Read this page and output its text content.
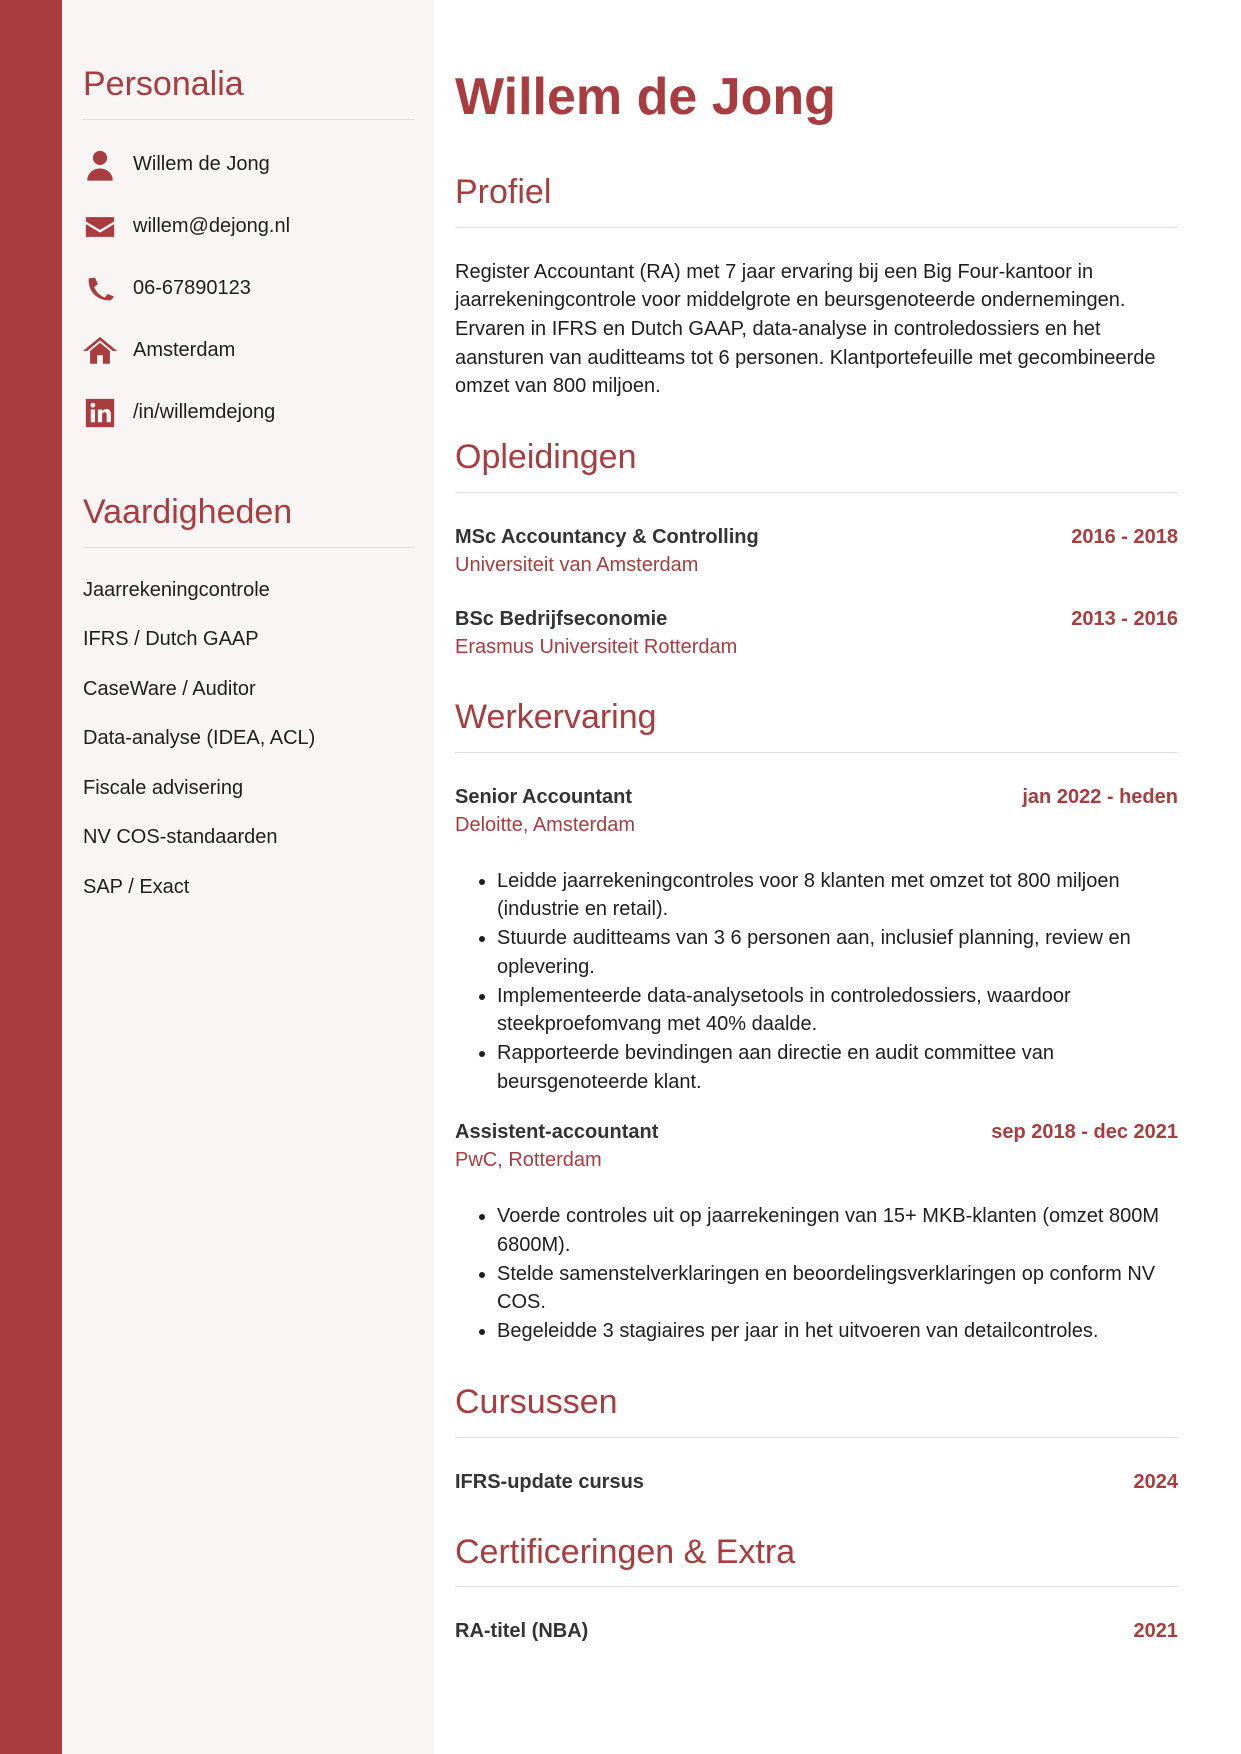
Personalia
Willem de Jong
willem@dejong.nl
06-67890123
Amsterdam
/in/willemdejong
Vaardigheden
Jaarrekeningcontrole
IFRS / Dutch GAAP
CaseWare / Auditor
Data-analyse (IDEA, ACL)
Fiscale advisering
NV COS-standaarden
SAP / Exact
Willem de Jong
Profiel

Register Accountant (RA) met 7 jaar ervaring bij een Big Four-kantoor in jaarrekeningcontrole voor middelgrote en beursgenoteerde ondernemingen. Ervaren in IFRS en Dutch GAAP, data-analyse in controledossiers en het aansturen van auditteams tot 6 personen. Klantportefeuille met gecombineerde omzet van 800 miljoen.

Opleidingen
MSc Accountancy & Controlling	2016 - 2018
Universiteit van Amsterdam
BSc Bedrijfseconomie	2013 - 2016
Erasmus Universiteit Rotterdam
Werkervaring
Senior Accountant	jan 2022 - heden
Deloitte, Amsterdam
• Leidde jaarrekeningcontroles voor 8 klanten met omzet tot 800 miljoen (industrie en retail).
• Stuurde auditteams van 3 6 personen aan, inclusief planning, review en oplevering.
• Implementeerde data-analysetools in controledossiers, waardoor steekproefomvang met 40% daalde.
• Rapporteerde bevindingen aan directie en audit committee van beursgenoteerde klant.
Assistent-accountant	sep 2018 - dec 2021
PwC, Rotterdam
• Voerde controles uit op jaarrekeningen van 15+ MKB-klanten (omzet 800M 6800M).
• Stelde samenstelverklaringen en beoordelingsverklaringen op conform NV COS.
• Begeleidde 3 stagiaires per jaar in het uitvoeren van detailcontroles.
Cursussen
IFRS-update cursus	2024
Certificeringen & Extra
RA-titel (NBA)	2021
